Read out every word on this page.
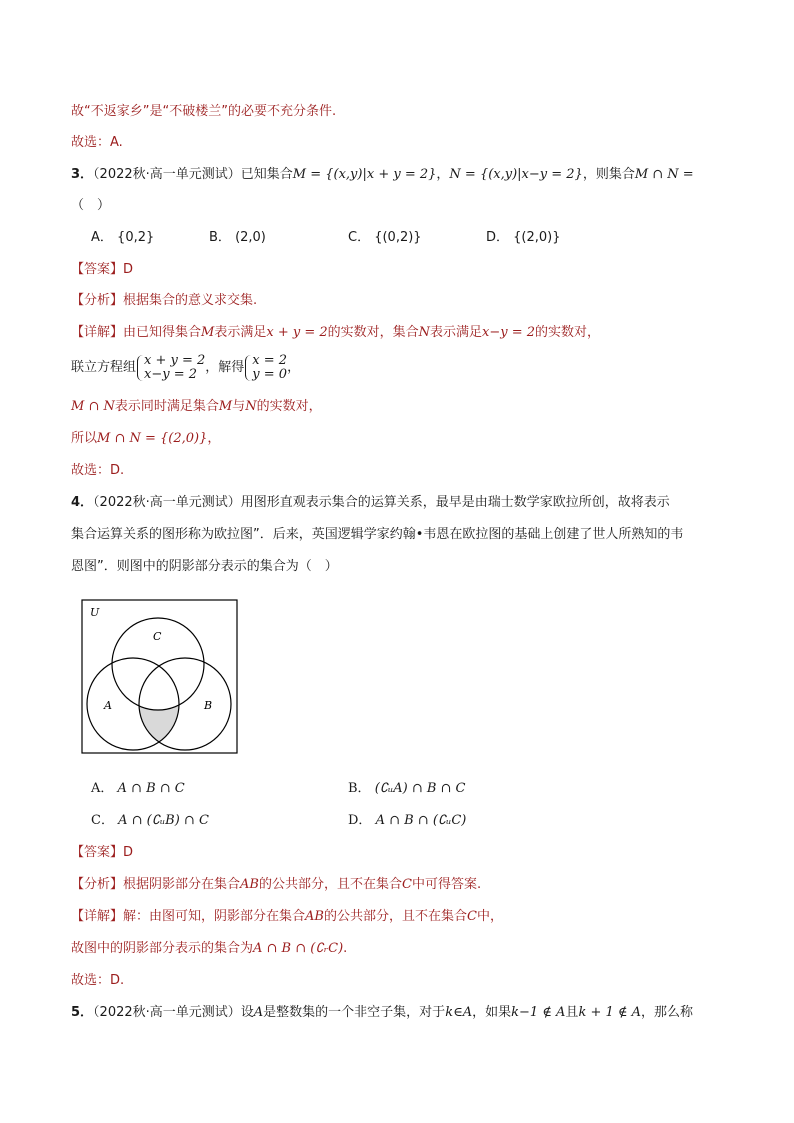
故“不返家乡”是“不破楼兰”的必要不充分条件.
故选：A.
3．（2022秋·高一单元测试）已知集合M = {(x,y)|x + y = 2}，N = {(x,y)|x−y = 2}，则集合M ∩ N =
（　）
A． {0,2}	B． (2,0)	C． {(0,2)}	D． {(2,0)}
【答案】D
【分析】根据集合的意义求交集.
【详解】由已知得集合M表示满足x + y = 2的实数对，集合N表示满足x−y = 2的实数对，
联立方程组 x + y = 2
x−y = 2 ，解得 x = 2
y = 0 ，
M ∩ N表示同时满足集合M与N的实数对，
所以M ∩ N = {(2,0)}，
故选：D.
4．（2022秋·高一单元测试）用图形直观表示集合的运算关系，最早是由瑞士数学家欧拉所创，故将表示
集合运算关系的图形称为欧拉图”．后来，英国逻辑学家约翰•韦恩在欧拉图的基础上创建了世人所熟知的韦
恩图”．则图中的阴影部分表示的集合为（　）
U
A	B
C
A． A ∩ B ∩ C	B． (∁ᵤA) ∩ B ∩ C
C． A ∩ (∁ᵤB) ∩ C	D． A ∩ B ∩ (∁ᵤC)
【答案】D
【分析】根据阴影部分在集合AB的公共部分，且不在集合C中可得答案.
【详解】解：由图可知，阴影部分在集合AB的公共部分，且不在集合C中，
故图中的阴影部分表示的集合为A ∩ B ∩ (∁ᵣC).
故选：D.
5．（2022秋·高一单元测试）设A是整数集的一个非空子集，对于k∈A，如果k−1 ∉ A且k + 1 ∉ A，那么称
